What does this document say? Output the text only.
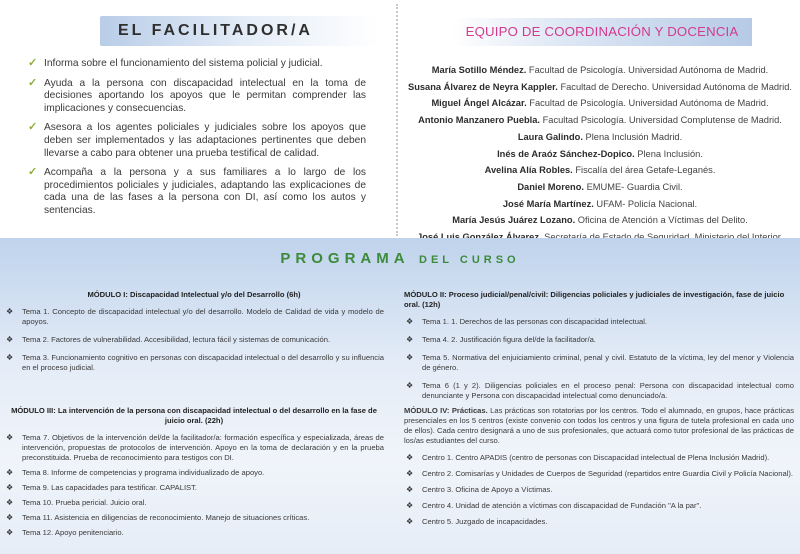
EL FACILITADOR/A
✓ Informa sobre el funcionamiento del sistema policial y judicial.
✓ Ayuda a la persona con discapacidad intelectual en la toma de decisiones aportando los apoyos que le permitan comprender las implicaciones y consecuencias.
✓ Asesora a los agentes policiales y judiciales sobre los apoyos que deben ser implementados y las adaptaciones pertinentes que deben llevarse a cabo para obtener una prueba testifical de calidad.
✓ Acompaña a la persona y a sus familiares a lo largo de los procedimientos policiales y judiciales, adaptando las explicaciones de cada una de las fases a la persona con DI, así como los autos y sentencias.
EQUIPO DE COORDINACIÓN Y DOCENCIA
María Sotillo Méndez. Facultad de Psicología. Universidad Autónoma de Madrid.
Susana Álvarez de Neyra Kappler. Facultad de Derecho. Universidad Autónoma de Madrid.
Miguel Ángel Alcázar. Facultad de Psicología. Universidad Autónoma de Madrid.
Antonio Manzanero Puebla. Facultad Psicología. Universidad Complutense de Madrid.
Laura Galindo. Plena Inclusión Madrid.
Inés de Araóz Sánchez-Dopico. Plena Inclusión.
Avelina Alía Robles. Fiscalía del área Getafe-Leganés.
Daniel Moreno. EMUME- Guardia Civil.
José María Martínez. UFAM- Policía Nacional.
María Jesús Juárez Lozano. Oficina de Atención a Víctimas del Delito.
PROGRAMA DEL CURSO
MÓDULO I: Discapacidad Intelectual y/o del Desarrollo (6h)
❖ Tema 1. Concepto de discapacidad intelectual y/o del desarrollo. Modelo de Calidad de vida y modelo de apoyos.
❖ Tema 2. Factores de vulnerabilidad. Accesibilidad, lectura fácil y sistemas de comunicación.
❖ Tema 3. Funcionamiento cognitivo en personas con discapacidad intelectual o del desarrollo y su influencia en el proceso judicial.
MÓDULO II: Proceso judicial/penal/civil: Diligencias policiales y judiciales de investigación, fase de juicio oral. (12h)
❖ Tema 1. 1. Derechos de las personas con discapacidad intelectual.
❖ Tema 4. 2. Justificación figura del/de la facilitador/a.
❖ Tema 5. Normativa del enjuiciamiento criminal, penal y civil. Estatuto de la víctima, ley del menor y Violencia de género.
❖ Tema 6 (1 y 2). Diligencias policiales en el proceso penal: Persona con discapacidad intelectual como denunciante y Persona con discapacidad intelectual como denunciado/a.
MÓDULO III: La intervención de la persona con discapacidad intelectual o del desarrollo en la fase de juicio oral. (22h)
❖ Tema 7. Objetivos de la intervención del/de la facilitador/a: formación específica y especializada, áreas de intervención, propuestas de protocolos de intervención. Apoyo en la toma de declaración y en la prueba preconstituida. Prueba de reconocimiento para testigos con DI.
❖ Tema 8. Informe de competencias y programa individualizado de apoyo.
❖ Tema 9. Las capacidades para testificar. CAPALIST.
❖ Tema 10. Prueba pericial. Juicio oral.
❖ Tema 11. Asistencia en diligencias de reconocimiento. Manejo de situaciones críticas.
❖ Tema 12. Apoyo penitenciario.
MÓDULO IV: Prácticas. Las prácticas son rotatorias por los centros. Todo el alumnado, en grupos, hace prácticas presenciales en los 5 centros (existe convenio con todos los centros y una figura de tutela profesional en cada uno de ellos). Cada centro designará a uno de sus profesionales, que actuará como tutor profesional de las prácticas de los/as estudiantes del curso.
❖ Centro 1. Centro APADIS (centro de personas con Discapacidad intelectual de Plena Inclusión Madrid).
❖ Centro 2. Comisarías y Unidades de Cuerpos de Seguridad (repartidos entre Guardia Civil y Policía Nacional).
❖ Centro 3. Oficina de Apoyo a Víctimas.
❖ Centro 4. Unidad de atención a víctimas con discapacidad de Fundación "A la par".
❖ Centro 5. Juzgado de incapacidades.
